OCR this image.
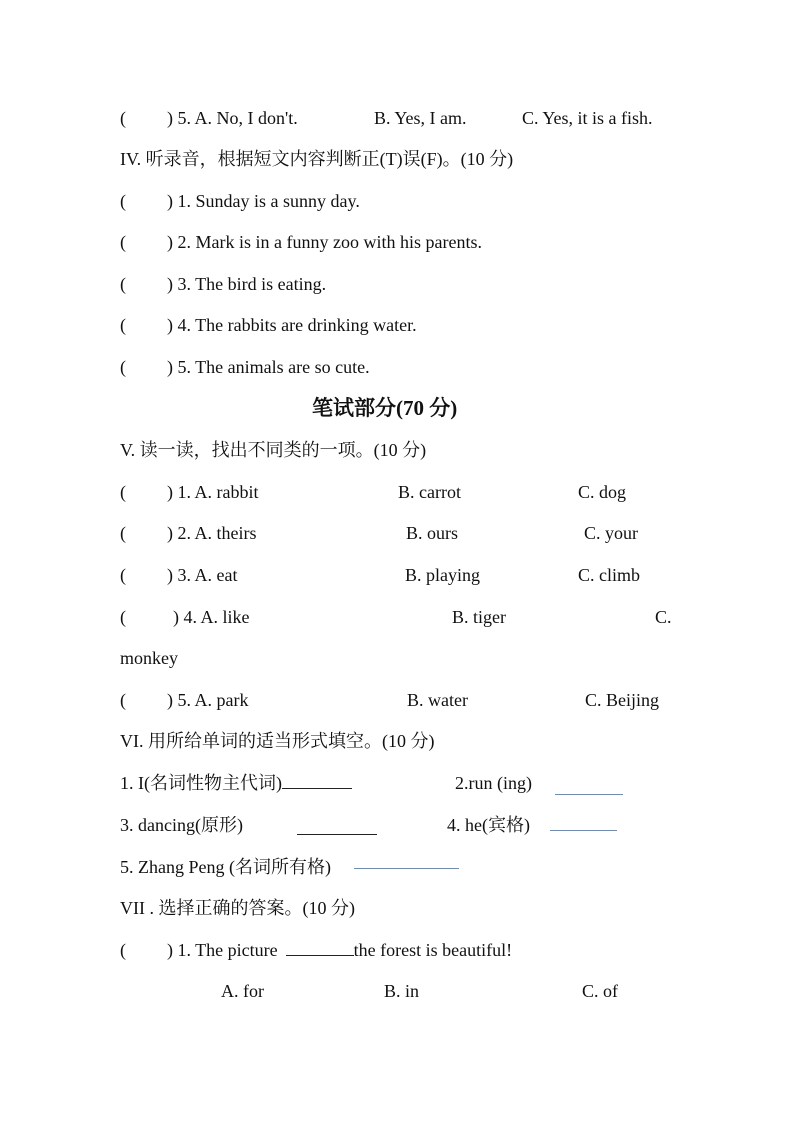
( ) 5. A. No, I don't.	B. Yes, I am.	C. Yes, it is a fish.
IV. 听录音，根据短文内容判断正(T)误(F)。(10 分)
( ) 1. Sunday is a sunny day.
( ) 2. Mark is in a funny zoo with his parents.
( ) 3. The bird is eating.
( ) 4. The rabbits are drinking water.
( ) 5. The animals are so cute.
笔试部分(70 分)
V. 读一读，找出不同类的一项。(10 分)
( ) 1. A. rabbit	B. carrot	C. dog
( ) 2. A. theirs	B. ours	C. your
( ) 3. A. eat	B. playing	C. climb
(	) 4. A. like	B. tiger	C.
monkey
( ) 5. A. park	B. water	C. Beijing
VI. 用所给单词的适当形式填空。(10 分)
1. I(名词性物主代词)	2.run (ing)
3. dancing(原形)	4. he(宾格)
5. Zhang Peng (名词所有格)
VII . 选择正确的答案。(10 分)
( ) 1. The picture	the forest is beautiful!
A. for	B. in	C. of
